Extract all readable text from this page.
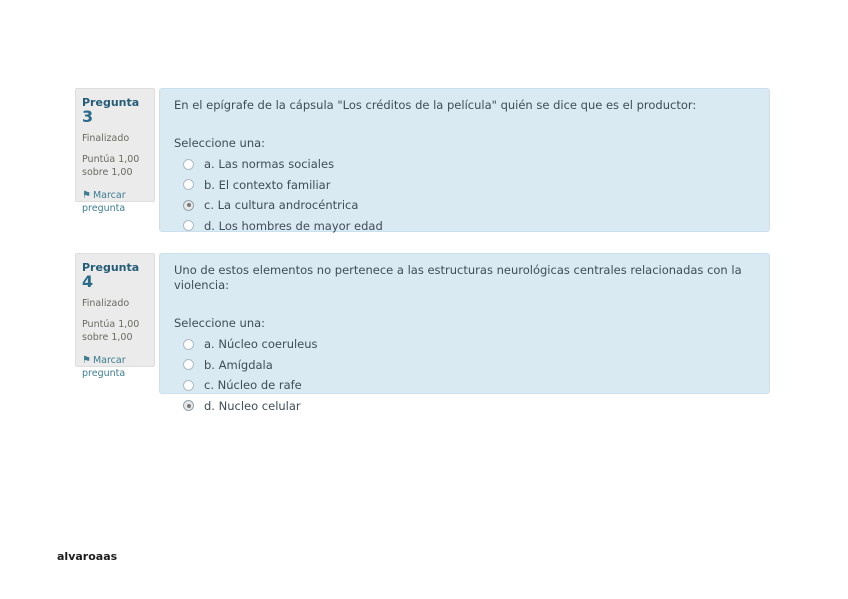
Pregunta 3
Finalizado
Puntúa 1,00
sobre 1,00
⚑ Marcar
pregunta
En el epígrafe de la cápsula "Los créditos de la película" quién se dice que es el productor:
Seleccione una:
a. Las normas sociales
b. El contexto familiar
c. La cultura androcéntrica
d. Los hombres de mayor edad
Pregunta 4
Finalizado
Puntúa 1,00
sobre 1,00
⚑ Marcar
pregunta
Uno de estos elementos no pertenece a las estructuras neurológicas centrales relacionadas con la violencia:
Seleccione una:
a. Núcleo coeruleus
b. Amígdala
c. Núcleo de rafe
d. Nucleo celular
alvaroaas
